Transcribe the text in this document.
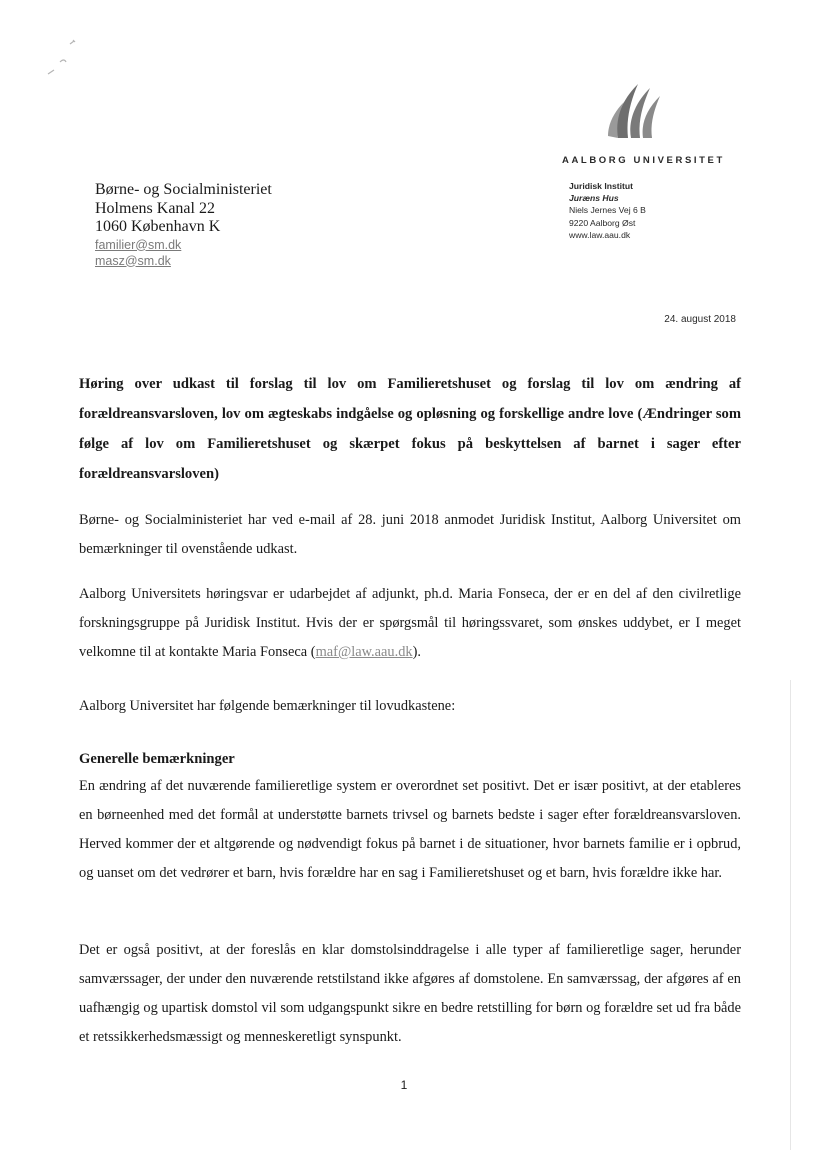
AALBORG UNIVERSITET
Juridisk Institut
Juræns Hus
Niels Jernes Vej 6 B
9220 Aalborg Øst
www.law.aau.dk
Børne- og Socialministeriet
Holmens Kanal 22
1060 København K
familier@sm.dk
masz@sm.dk
24. august 2018

Høring over udkast til forslag til lov om Familieretshuset og forslag til lov om ændring af forældreansvarsloven, lov om ægteskabs indgåelse og opløsning og forskellige andre love (Ændringer som følge af lov om Familieretshuset og skærpet fokus på beskyttelsen af barnet i sager efter forældreansvarsloven)

Børne- og Socialministeriet har ved e-mail af 28. juni 2018 anmodet Juridisk Institut, Aalborg Universitet om bemærkninger til ovenstående udkast.

Aalborg Universitets høringsvar er udarbejdet af adjunkt, ph.d. Maria Fonseca, der er en del af den civilretlige forskningsgruppe på Juridisk Institut. Hvis der er spørgsmål til høringssvaret, som ønskes uddybet, er I meget velkomne til at kontakte Maria Fonseca (maf@law.aau.dk).

Aalborg Universitet har følgende bemærkninger til lovudkastene:

Generelle bemærkninger

En ændring af det nuværende familieretlige system er overordnet set positivt. Det er især positivt, at der etableres en børneenhed med det formål at understøtte barnets trivsel og barnets bedste i sager efter forældreansvarsloven. Herved kommer der et altgørende og nødvendigt fokus på barnet i de situationer, hvor barnets familie er i opbrud, og uanset om det vedrører et barn, hvis forældre har en sag i Familieretshuset og et barn, hvis forældre ikke har.

Det er også positivt, at der foreslås en klar domstolsinddragelse i alle typer af familieretlige sager, herunder samværssager, der under den nuværende retstilstand ikke afgøres af domstolene. En samværssag, der afgøres af en uafhængig og upartisk domstol vil som udgangspunkt sikre en bedre retstilling for børn og forældre set ud fra både et retssikkerhedsmæssigt og menneskeretligt synspunkt.

1
